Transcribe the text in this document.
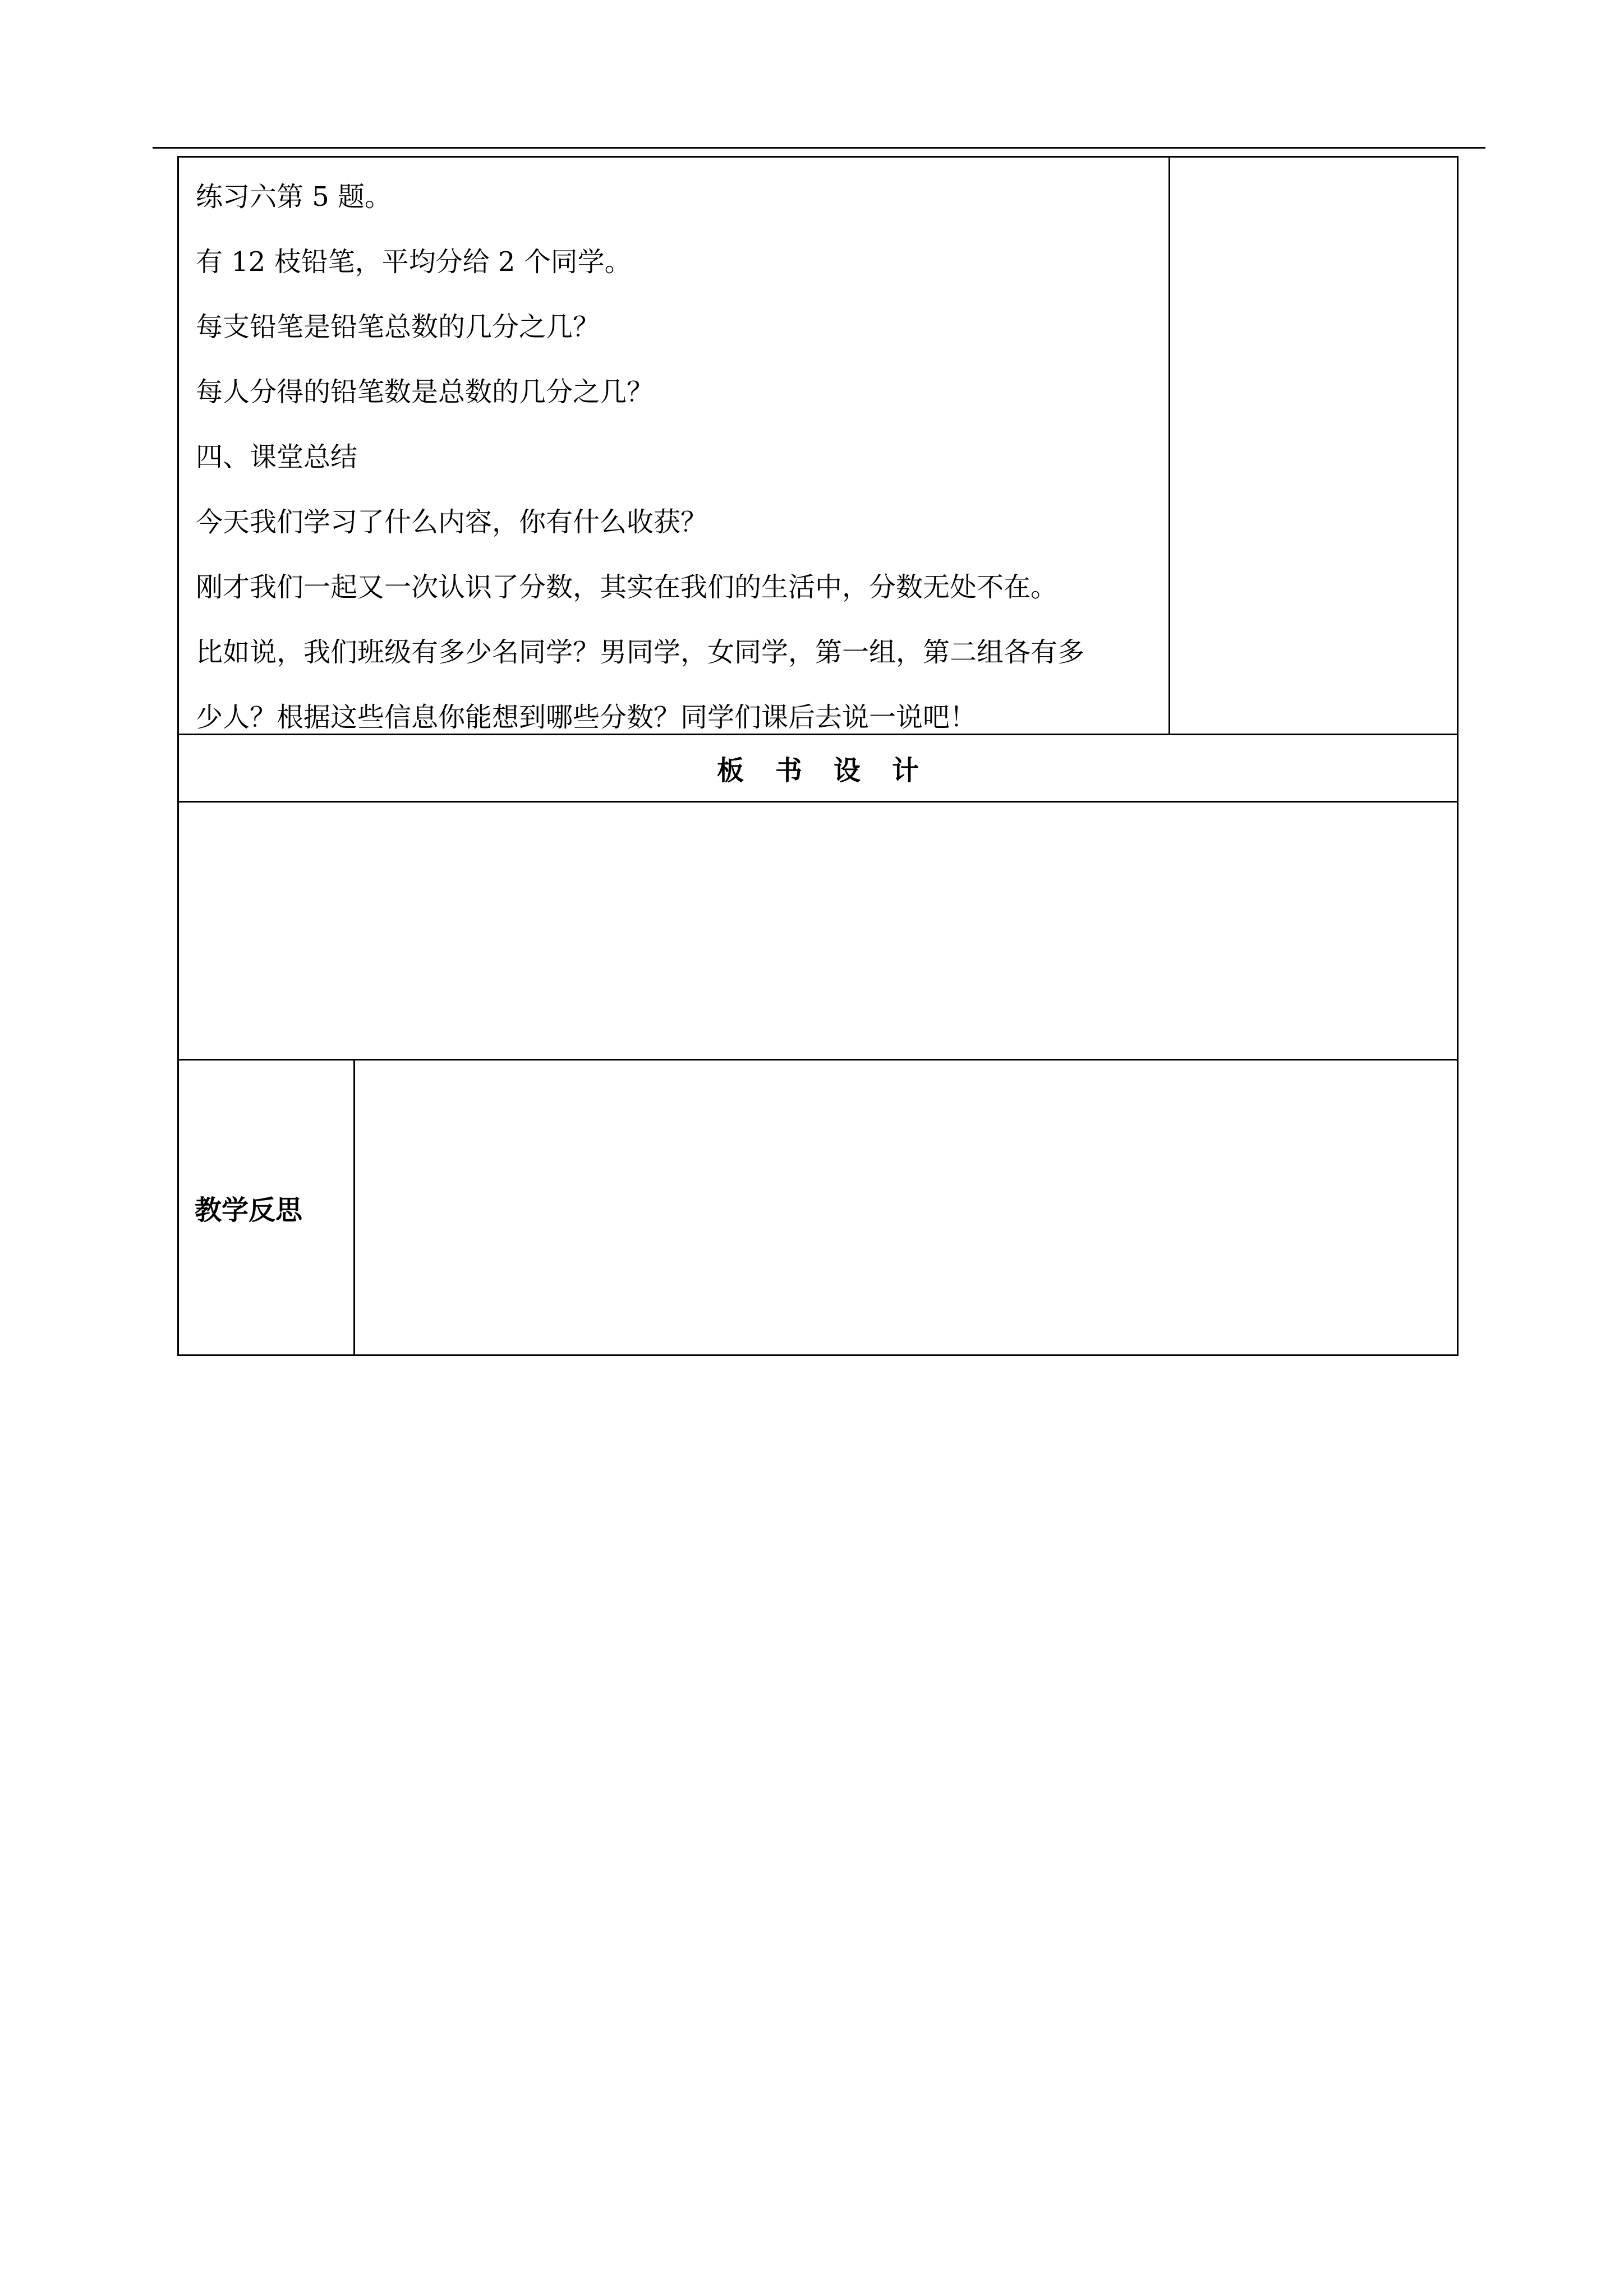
练习六第 5 题。
有 12 枝铅笔，平均分给 2 个同学。
每支铅笔是铅笔总数的几分之几？
每人分得的铅笔数是总数的几分之几？
四、课堂总结
今天我们学习了什么内容，你有什么收获？
刚才我们一起又一次认识了分数，其实在我们的生活中，分数无处不在。
比如说，我们班级有多少名同学？男同学，女同学，第一组，第二组各有多
少人？根据这些信息你能想到哪些分数？同学们课后去说一说吧！
板书设计
教学反思
